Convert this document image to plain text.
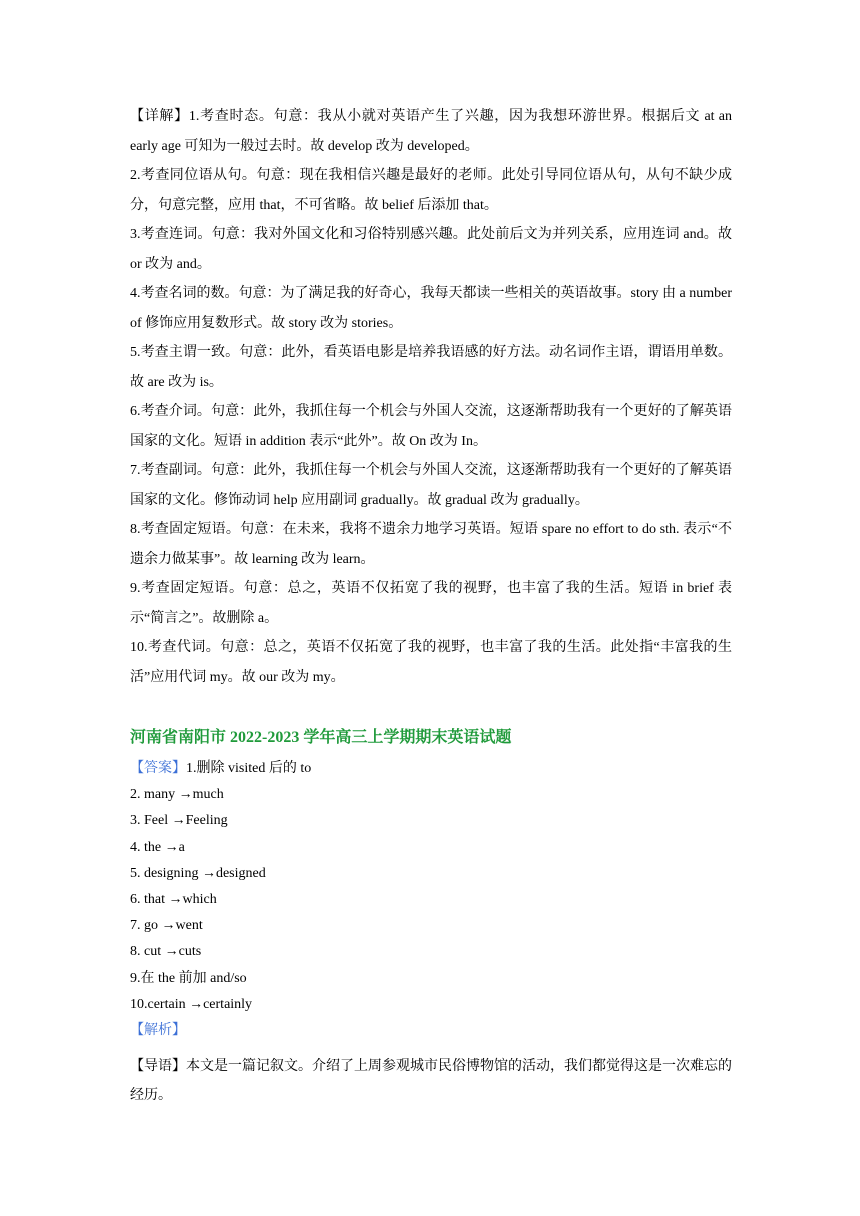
【详解】1.考查时态。句意：我从小就对英语产生了兴趣，因为我想环游世界。根据后文 at an early age 可知为一般过去时。故 develop 改为 developed。

2.考查同位语从句。句意：现在我相信兴趣是最好的老师。此处引导同位语从句，从句不缺少成分，句意完整，应用 that，不可省略。故 belief 后添加 that。

3.考查连词。句意：我对外国文化和习俗特别感兴趣。此处前后文为并列关系，应用连词 and。故 or 改为 and。

4.考查名词的数。句意：为了满足我的好奇心，我每天都读一些相关的英语故事。story 由 a number of 修饰应用复数形式。故 story 改为 stories。

5.考查主谓一致。句意：此外，看英语电影是培养我语感的好方法。动名词作主语，谓语用单数。故 are 改为 is。

6.考查介词。句意：此外，我抓住每一个机会与外国人交流，这逐渐帮助我有一个更好的了解英语国家的文化。短语 in addition 表示“此外”。故 On 改为 In。

7.考查副词。句意：此外，我抓住每一个机会与外国人交流，这逐渐帮助我有一个更好的了解英语国家的文化。修饰动词 help 应用副词 gradually。故 gradual 改为 gradually。

8.考查固定短语。句意：在未来，我将不遗余力地学习英语。短语 spare no effort to do sth. 表示“不遗余力做某事”。故 learning 改为 learn。

9.考查固定短语。句意：总之，英语不仅拓宽了我的视野，也丰富了我的生活。短语 in brief 表示“简言之”。故删除 a。

10.考查代词。句意：总之，英语不仅拓宽了我的视野，也丰富了我的生活。此处指“丰富我的生活”应用代词 my。故 our 改为 my。

河南省南阳市 2022-2023 学年高三上学期期末英语试题

【答案】1.删除 visited 后的 to

2. many →much

3. Feel →Feeling

4. the →a

5. designing →designed

6. that →which

7. go →went

8. cut →cuts

9.在 the 前加 and/so

10.certain →certainly

【解析】

【导语】本文是一篇记叙文。介绍了上周参观城市民俗博物馆的活动，我们都觉得这是一次难忘的经历。
